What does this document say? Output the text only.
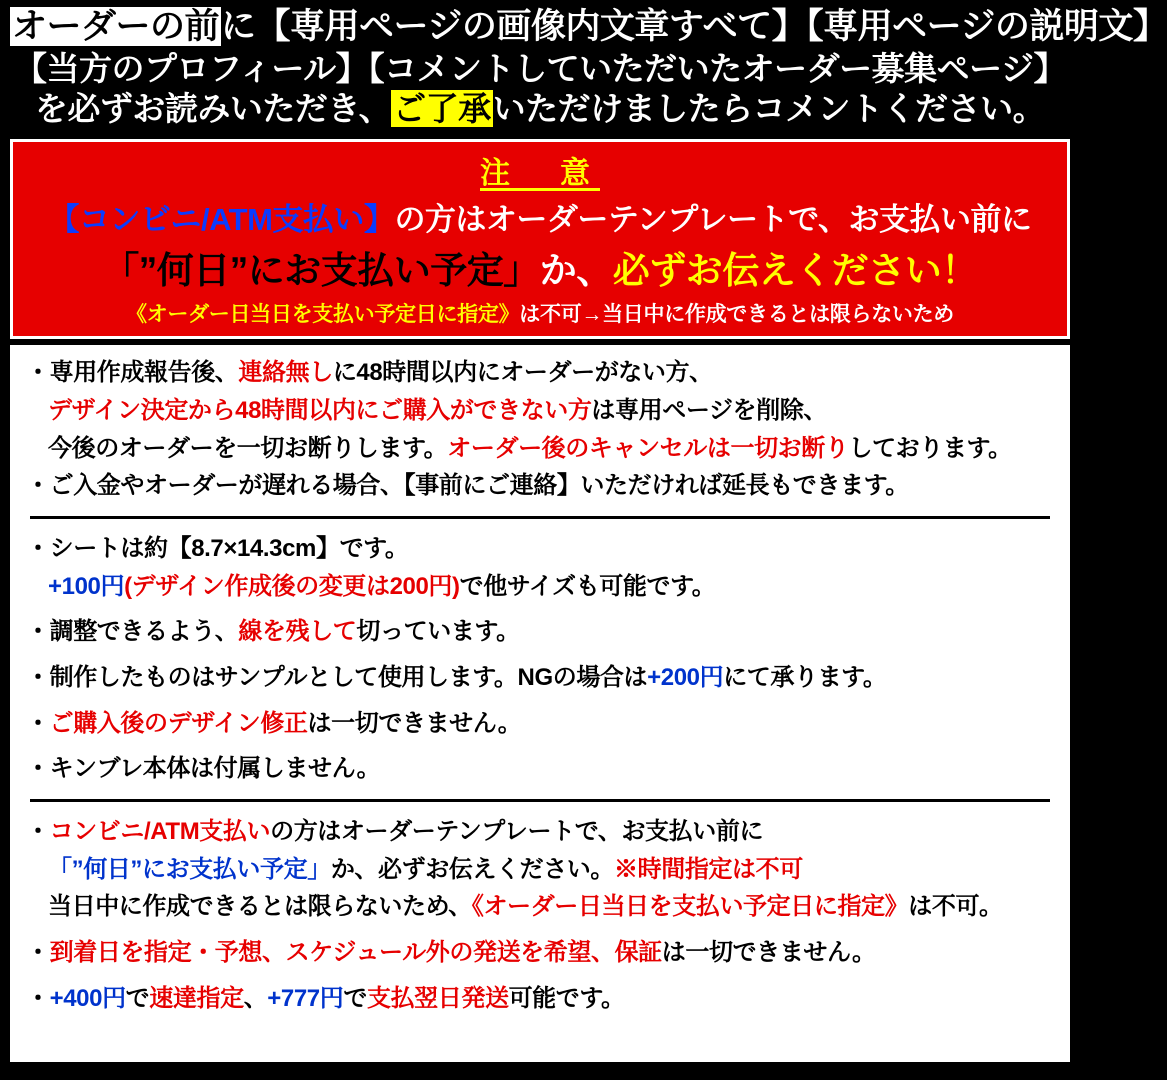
オーダーの前に【専用ページの画像内文章すべて】【専用ページの説明文】
【当方のプロフィール】【コメントしていただいたオーダー募集ページ】
を必ずお読みいただき、ご了承いただけましたらコメントください。
注　意
【コンビニ/ATM支払い】の方はオーダーテンプレートで、お支払い前に
「”何日”にお支払い予定」か、必ずお伝えください！
《オーダー日当日を支払い予定日に指定》は不可→当日中に作成できるとは限らないため

・専用作成報告後、連絡無しに48時間以内にオーダーがない方、

デザイン決定から48時間以内にご購入ができない方は専用ページを削除、

今後のオーダーを一切お断りします。オーダー後のキャンセルは一切お断りしております。

・ご入金やオーダーが遅れる場合、【事前にご連絡】いただければ延長もできます。

・シートは約【8.7×14.3cm】です。

+100円(デザイン作成後の変更は200円)で他サイズも可能です。

・調整できるよう、線を残して切っています。

・制作したものはサンプルとして使用します。NGの場合は+200円にて承ります。

・ご購入後のデザイン修正は一切できません。

・キンブレ本体は付属しません。

・コンビニ/ATM支払いの方はオーダーテンプレートで、お支払い前に

「”何日”にお支払い予定」か、必ずお伝えください。※時間指定は不可

当日中に作成できるとは限らないため、《オーダー日当日を支払い予定日に指定》は不可。

・到着日を指定・予想、スケジュール外の発送を希望、保証は一切できません。

・+400円で速達指定、+777円で支払翌日発送可能です。
